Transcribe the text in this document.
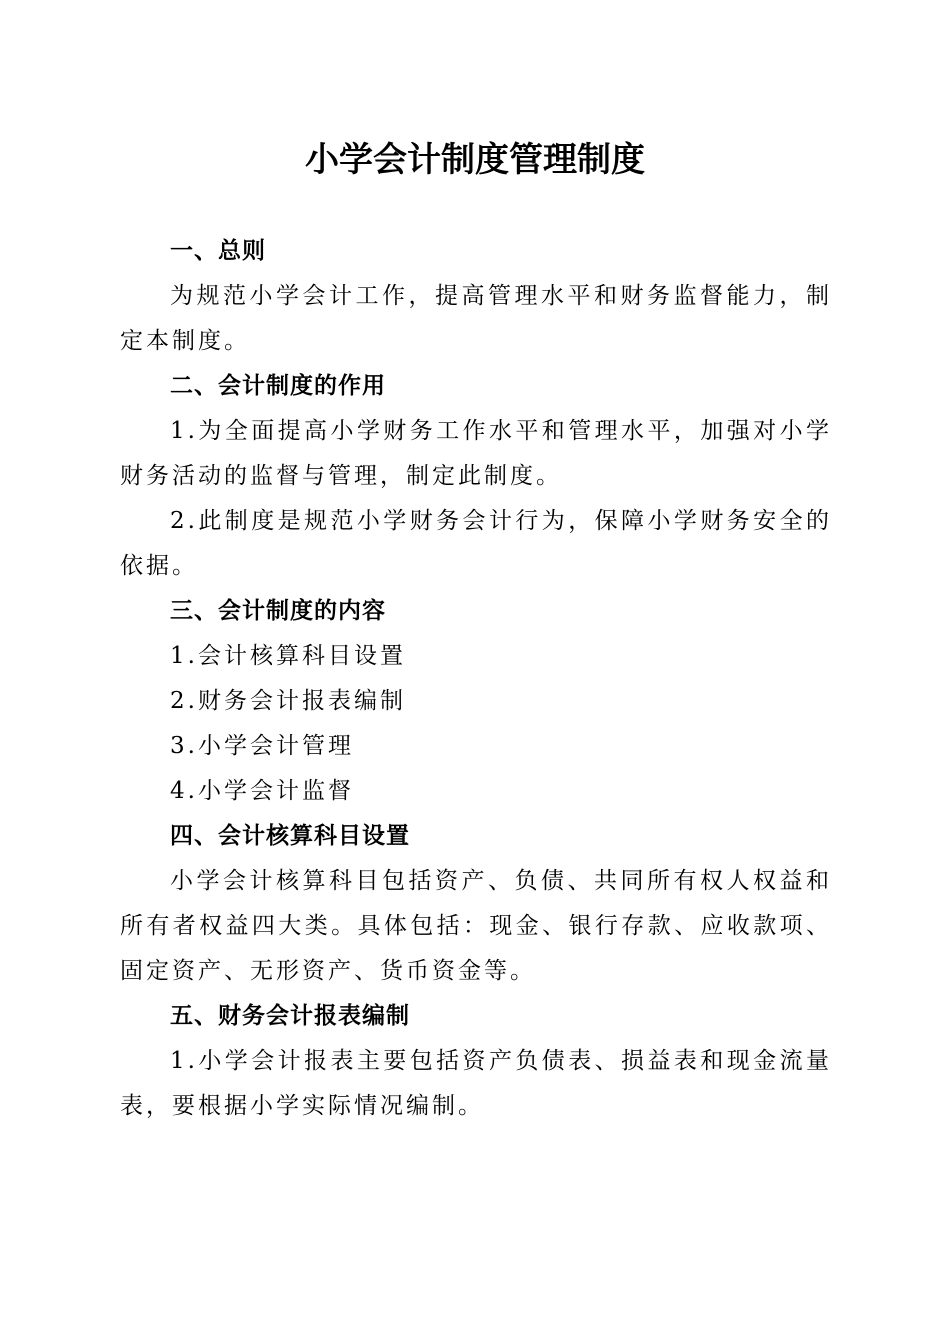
小学会计制度管理制度

一、总则

为规范小学会计工作，提高管理水平和财务监督能力，制定本制度。

二、会计制度的作用

1.为全面提高小学财务工作水平和管理水平，加强对小学财务活动的监督与管理，制定此制度。

2.此制度是规范小学财务会计行为，保障小学财务安全的依据。

三、会计制度的内容

1.会计核算科目设置

2.财务会计报表编制

3.小学会计管理

4.小学会计监督

四、会计核算科目设置

小学会计核算科目包括资产、负债、共同所有权人权益和所有者权益四大类。具体包括：现金、银行存款、应收款项、固定资产、无形资产、货币资金等。

五、财务会计报表编制

1.小学会计报表主要包括资产负债表、损益表和现金流量表，要根据小学实际情况编制。
